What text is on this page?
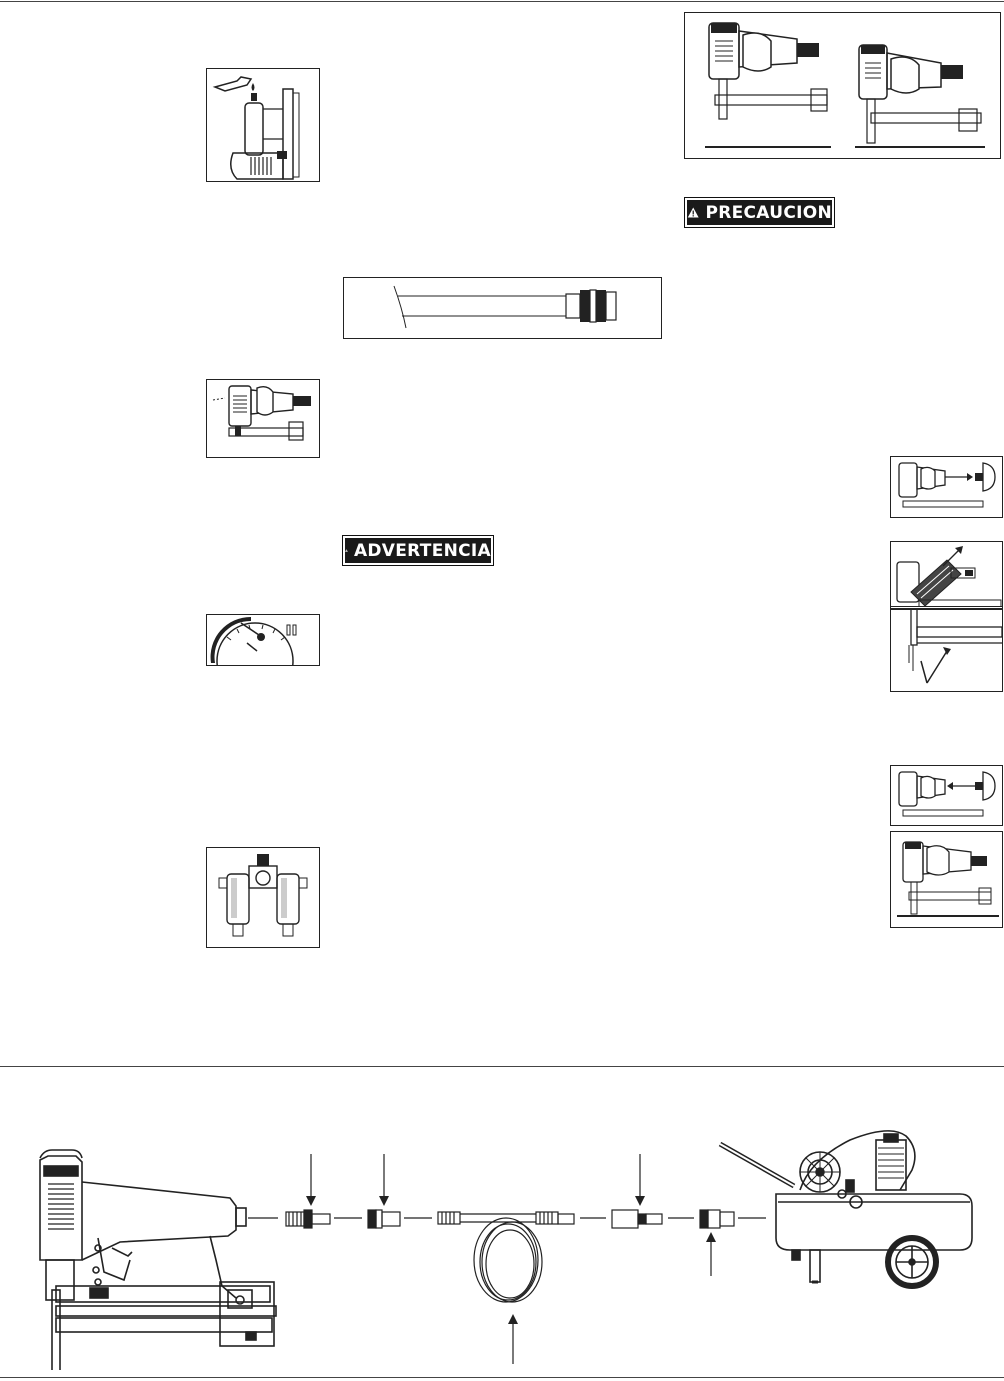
ADVERTENCIA
PRECAUCION
